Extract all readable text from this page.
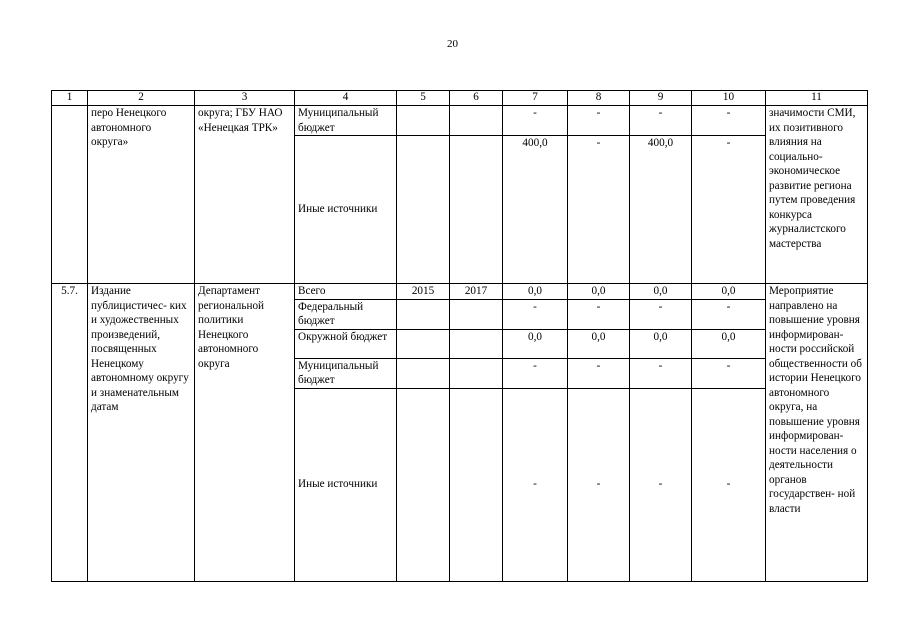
20
1	2	3	4	5	6	7	8	9	10	11
	перо Ненецкого автономного округа»	округа; ГБУ НАО «Ненецкая ТРК»	Муниципальный бюджет			-	-	-	-	значимости СМИ, их позитивного влияния на социально- экономическое развитие региона путем проведения конкурса журналистского мастерства
			Иные источники			400,0	-	400,0	-	
5.7.	Издание публицистичес- ких и художественных произведений, посвященных Ненецкому автономному округу и знаменательным датам	Департамент региональной политики Ненецкого автономного округа	Всего	2015	2017	0,0	0,0	0,0	0,0	Мероприятие направлено на повышение уровня информирован- ности российской общественности об истории Ненецкого автономного округа, на повышение уровня информирован- ности населения о деятельности органов государствен- ной власти
			Федеральный бюджет			-	-	-	-	
			Окружной бюджет			0,0	0,0	0,0	0,0	
			Муниципальный бюджет			-	-	-	-	
			Иные источники			-	-	-	-	
